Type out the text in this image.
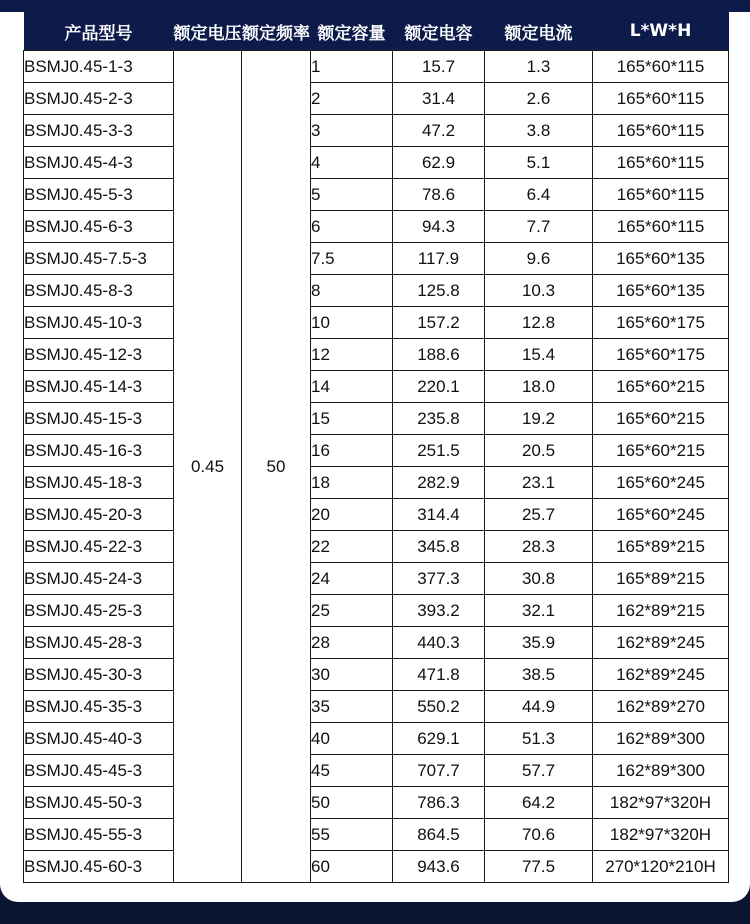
产品型号	额定电压	额定频率	额定容量	额定电容	额定电流	L*W*H
BSMJ0.45-1-3	0.45	50	1	15.7	1.3	165*60*115
BSMJ0.45-2-3			2	31.4	2.6	165*60*115
BSMJ0.45-3-3			3	47.2	3.8	165*60*115
BSMJ0.45-4-3			4	62.9	5.1	165*60*115
BSMJ0.45-5-3			5	78.6	6.4	165*60*115
BSMJ0.45-6-3			6	94.3	7.7	165*60*115
BSMJ0.45-7.5-3			7.5	117.9	9.6	165*60*135
BSMJ0.45-8-3			8	125.8	10.3	165*60*135
BSMJ0.45-10-3			10	157.2	12.8	165*60*175
BSMJ0.45-12-3			12	188.6	15.4	165*60*175
BSMJ0.45-14-3			14	220.1	18.0	165*60*215
BSMJ0.45-15-3			15	235.8	19.2	165*60*215
BSMJ0.45-16-3			16	251.5	20.5	165*60*215
BSMJ0.45-18-3			18	282.9	23.1	165*60*245
BSMJ0.45-20-3			20	314.4	25.7	165*60*245
BSMJ0.45-22-3			22	345.8	28.3	165*89*215
BSMJ0.45-24-3			24	377.3	30.8	165*89*215
BSMJ0.45-25-3			25	393.2	32.1	162*89*215
BSMJ0.45-28-3			28	440.3	35.9	162*89*245
BSMJ0.45-30-3			30	471.8	38.5	162*89*245
BSMJ0.45-35-3			35	550.2	44.9	162*89*270
BSMJ0.45-40-3			40	629.1	51.3	162*89*300
BSMJ0.45-45-3			45	707.7	57.7	162*89*300
BSMJ0.45-50-3			50	786.3	64.2	182*97*320H
BSMJ0.45-55-3			55	864.5	70.6	182*97*320H
BSMJ0.45-60-3			60	943.6	77.5	270*120*210H
